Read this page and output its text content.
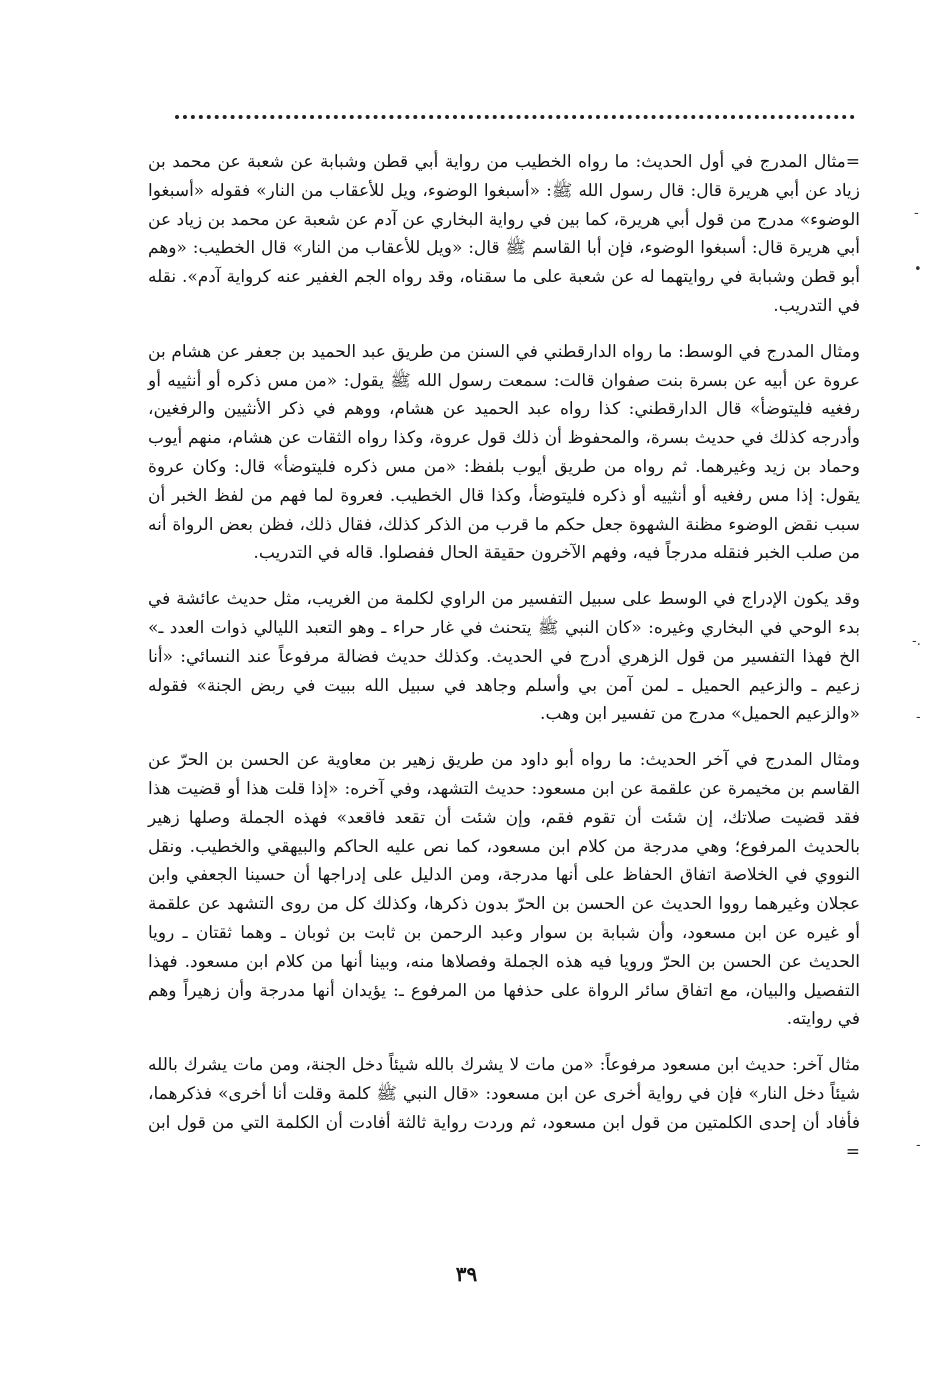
=مثال المدرج في أول الحديث: ما رواه الخطيب من رواية أبي قطن وشبابة عن شعبة عن محمد بن زياد عن أبي هريرة قال: قال رسول الله ﷺ: «أسبغوا الوضوء، ويل للأعقاب من النار» فقوله «أسبغوا الوضوء» مدرج من قول أبي هريرة، كما بين في رواية البخاري عن آدم عن شعبة عن محمد بن زياد عن أبي هريرة قال: أسبغوا الوضوء، فإن أبا القاسم ﷺ قال: «ويل للأعقاب من النار» قال الخطيب: «وهم أبو قطن وشبابة في روايتهما له عن شعبة على ما سقناه، وقد رواه الجم الغفير عنه كرواية آدم». نقله في التدريب.

ومثال المدرج في الوسط: ما رواه الدارقطني في السنن من طريق عبد الحميد بن جعفر عن هشام بن عروة عن أبيه عن بسرة بنت صفوان قالت: سمعت رسول الله ﷺ يقول: «من مس ذكره أو أنثييه أو رفغيه فليتوضأ» قال الدارقطني: كذا رواه عبد الحميد عن هشام، ووهم في ذكر الأنثيين والرفغين، وأدرجه كذلك في حديث بسرة، والمحفوظ أن ذلك قول عروة، وكذا رواه الثقات عن هشام، منهم أيوب وحماد بن زيد وغيرهما. ثم رواه من طريق أيوب بلفظ: «من مس ذكره فليتوضأ» قال: وكان عروة يقول: إذا مس رفغيه أو أنثييه أو ذكره فليتوضأ، وكذا قال الخطيب. فعروة لما فهم من لفظ الخبر أن سبب نقض الوضوء مظنة الشهوة جعل حكم ما قرب من الذكر كذلك، فقال ذلك، فظن بعض الرواة أنه من صلب الخبر فنقله مدرجاً فيه، وفهم الآخرون حقيقة الحال ففصلوا. قاله في التدريب.

وقد يكون الإدراج في الوسط على سبيل التفسير من الراوي لكلمة من الغريب، مثل حديث عائشة في بدء الوحي في البخاري وغيره: «كان النبي ﷺ يتحنث في غار حراء ـ وهو التعبد الليالي ذوات العدد ـ» الخ فهذا التفسير من قول الزهري أدرج في الحديث. وكذلك حديث فضالة مرفوعاً عند النسائي: «أنا زعيم ـ والزعيم الحميل ـ لمن آمن بي وأسلم وجاهد في سبيل الله ببيت في ربض الجنة» فقوله «والزعيم الحميل» مدرج من تفسير ابن وهب.

ومثال المدرج في آخر الحديث: ما رواه أبو داود من طريق زهير بن معاوية عن الحسن بن الحرّ عن القاسم بن مخيمرة عن علقمة عن ابن مسعود: حديث التشهد، وفي آخره: «إذا قلت هذا أو قضيت هذا فقد قضيت صلاتك، إن شئت أن تقوم فقم، وإن شئت أن تقعد فاقعد» فهذه الجملة وصلها زهير بالحديث المرفوع؛ وهي مدرجة من كلام ابن مسعود، كما نص عليه الحاكم والبيهقي والخطيب. ونقل النووي في الخلاصة اتفاق الحفاظ على أنها مدرجة، ومن الدليل على إدراجها أن حسينا الجعفي وابن عجلان وغيرهما رووا الحديث عن الحسن بن الحرّ بدون ذكرها، وكذلك كل من روى التشهد عن علقمة أو غيره عن ابن مسعود، وأن شبابة بن سوار وعبد الرحمن بن ثابت بن ثوبان ـ وهما ثقتان ـ رويا الحديث عن الحسن بن الحرّ ورويا فيه هذه الجملة وفصلاها منه، وبينا أنها من كلام ابن مسعود. فهذا التفصيل والبيان، مع اتفاق سائر الرواة على حذفها من المرفوع ـ: يؤيدان أنها مدرجة وأن زهيراً وهم في روايته.

مثال آخر: حديث ابن مسعود مرفوعاً: «من مات لا يشرك بالله شيئاً دخل الجنة، ومن مات يشرك بالله شيئاً دخل النار» فإن في رواية أخرى عن ابن مسعود: «قال النبي ﷺ كلمة وقلت أنا أخرى» فذكرهما، فأفاد أن إحدى الكلمتين من قول ابن مسعود، ثم وردت رواية ثالثة أفادت أن الكلمة التي من قول ابن =

-
•
-.
-
-
٣٩
